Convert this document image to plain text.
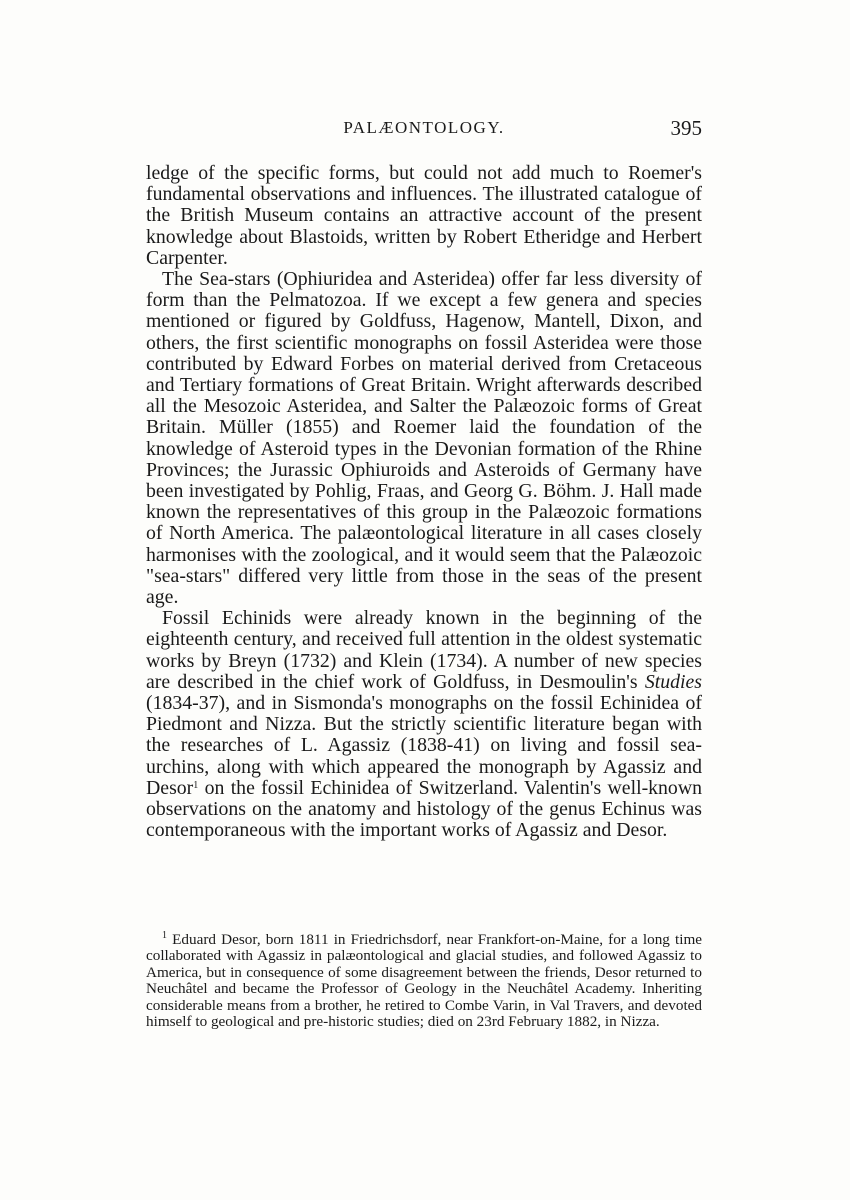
PALÆONTOLOGY.	395

ledge of the specific forms, but could not add much to Roemer's fundamental observations and influences. The illustrated catalogue of the British Museum contains an attractive account of the present knowledge about Blastoids, written by Robert Etheridge and Herbert Carpenter.

The Sea-stars (Ophiuridea and Asteridea) offer far less diversity of form than the Pelmatozoa. If we except a few genera and species mentioned or figured by Goldfuss, Hagenow, Mantell, Dixon, and others, the first scientific monographs on fossil Asteridea were those contributed by Edward Forbes on material derived from Cretaceous and Tertiary formations of Great Britain. Wright afterwards described all the Mesozoic Asteridea, and Salter the Palæozoic forms of Great Britain. Müller (1855) and Roemer laid the foundation of the knowledge of Asteroid types in the Devonian formation of the Rhine Provinces; the Jurassic Ophiuroids and Asteroids of Germany have been investigated by Pohlig, Fraas, and Georg G. Böhm. J. Hall made known the representatives of this group in the Palæozoic formations of North America. The palæontological literature in all cases closely harmonises with the zoological, and it would seem that the Palæozoic "sea-stars" differed very little from those in the seas of the present age.

Fossil Echinids were already known in the beginning of the eighteenth century, and received full attention in the oldest systematic works by Breyn (1732) and Klein (1734). A number of new species are described in the chief work of Goldfuss, in Desmoulin's Studies (1834-37), and in Sismonda's monographs on the fossil Echinidea of Piedmont and Nizza. But the strictly scientific literature began with the researches of L. Agassiz (1838-41) on living and fossil sea-urchins, along with which appeared the monograph by Agassiz and Desor$^1$ on the fossil Echinidea of Switzerland. Valentin's well-known observations on the anatomy and histology of the genus Echinus was contemporaneous with the important works of Agassiz and Desor.

$^1$ Eduard Desor, born 1811 in Friedrichsdorf, near Frankfort-on-Maine, for a long time collaborated with Agassiz in palæontological and glacial studies, and followed Agassiz to America, but in consequence of some disagreement between the friends, Desor returned to Neuchâtel and became the Professor of Geology in the Neuchâtel Academy. Inheriting considerable means from a brother, he retired to Combe Varin, in Val Travers, and devoted himself to geological and pre-historic studies; died on 23rd February 1882, in Nizza.
